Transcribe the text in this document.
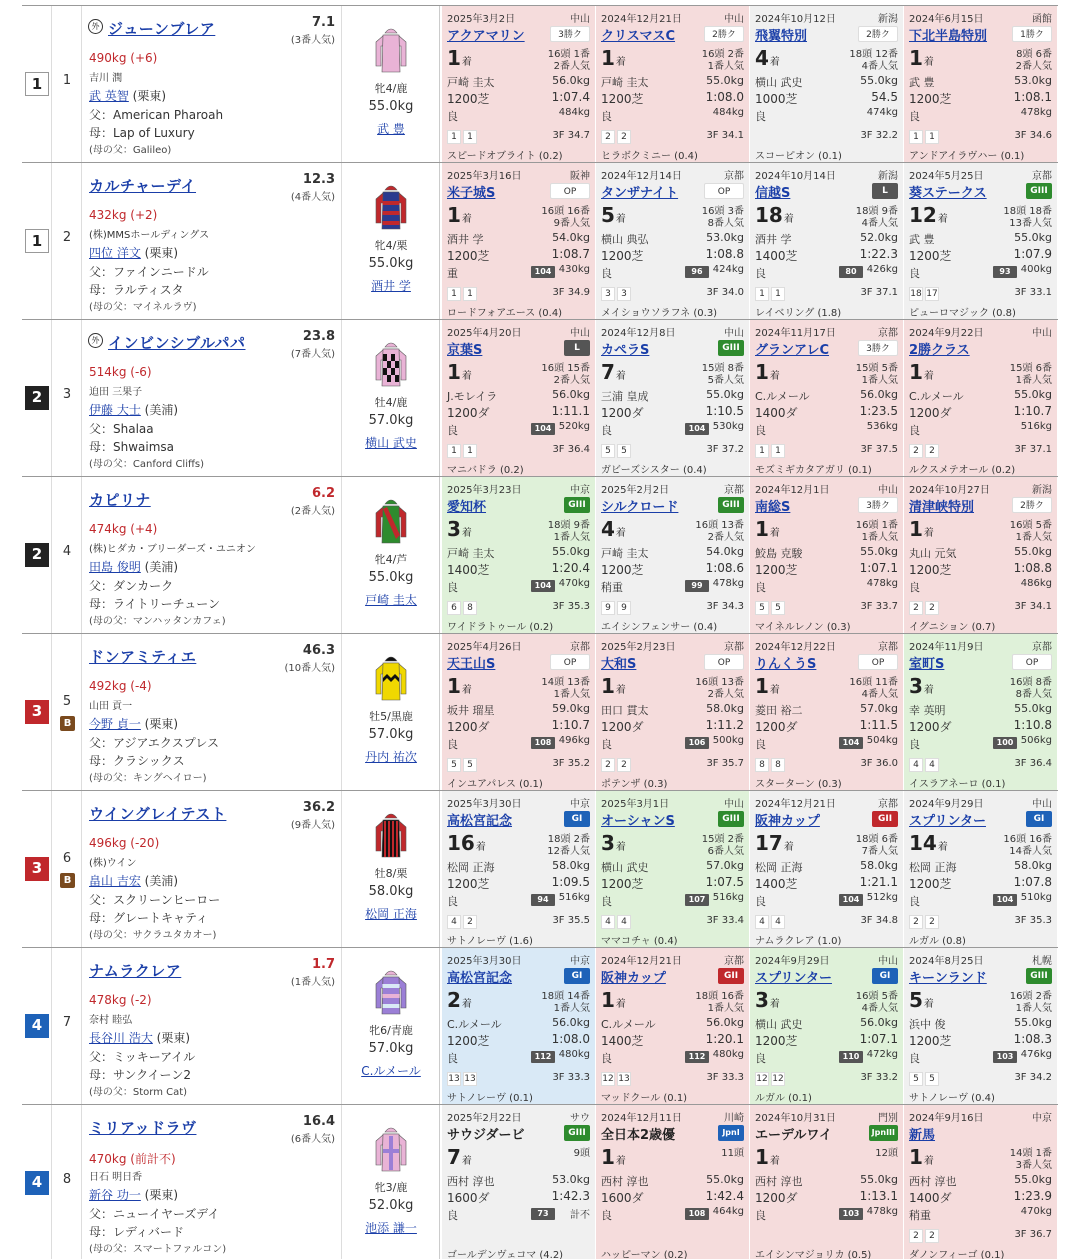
1	1
外 ジューンブレア	7.1
(3番人気)
490kg (+6)
吉川 潤
武 英智 (栗東)
父：American Pharoah
母：Lap of Luxury
(母の父：Galileo)
牝4/鹿
55.0kg
武 豊
2025年3月2日	中山
アクアマリン	3勝ク
1着
16頭 1番
2番人気
戸崎 圭太	56.0kg
1200芝	1:07.4
良	484kg
1 1	3F 34.7
スピードオブライト (0.2)
2024年12月21日	中山
クリスマスC	2勝ク
1着
16頭 2番
1番人気
戸崎 圭太	55.0kg
1200芝	1:08.0
良	484kg
2 2	3F 34.1
ヒラボクミニー (0.4)
2024年10月12日	新潟
飛翼特別	2勝ク
4着
18頭 12番
4番人気
横山 武史	55.0kg
1000芝	54.5
良	474kg
3F 32.2
スコーピオン (0.1)
2024年6月15日	函館
下北半島特別	1勝ク
1着
8頭 6番
2番人気
武 豊	53.0kg
1200芝	1:08.1
良	478kg
1 1	3F 34.6
アンドアイラヴハー (0.1)
1	2
カルチャーデイ	12.3
(4番人気)
432kg (+2)
(株)MMSホールディングス
四位 洋文 (栗東)
父：ファインニードル
母：ラルティスタ
(母の父：マイネルラヴ)
牝4/栗
55.0kg
酒井 学
2025年3月16日	阪神
米子城S	OP
1着
16頭 16番
9番人気
酒井 学	54.0kg
1200芝	1:08.7
重	104 430kg
1 1	3F 34.9
ロードフォアエース (0.4)
2024年12月14日	京都
タンザナイト	OP
5着
16頭 3番
8番人気
横山 典弘	53.0kg
1200芝	1:08.8
良	96	424kg
3 3	3F 34.0
メイショウソラフネ (0.3)
2024年10月14日	新潟
信越S	L
18着
18頭 9番
4番人気
酒井 学	52.0kg
1400芝	1:22.3
良	80	426kg
1 1	3F 37.1
レイベリング (1.8)
2024年5月25日	京都
葵ステークス	GIII
12着
18頭 18番
13番人気
武 豊	55.0kg
1200芝	1:07.9
良	93	400kg
18 17	3F 33.1
ピューロマジック (0.8)
2	3
外 インビンシブルパパ	23.8
(7番人気)
514kg (-6)
迫田 三果子
伊藤 大士 (美浦)
父：Shalaa
母：Shwaimsa
(母の父：Canford Cliffs)
牡4/鹿
57.0kg
横山 武史
2025年4月20日	中山
京葉S	L
1着
16頭 15番
2番人気
J.モレイラ	56.0kg
1200ダ	1:11.1
良	104 520kg
1 1	3F 36.4
マニバドラ (0.2)
2024年12月8日	中山
カペラS	GIII
7着
15頭 8番
5番人気
三浦 皇成	55.0kg
1200ダ	1:10.5
良	104 530kg
5 5	3F 37.2
ガビーズシスター (0.4)
2024年11月17日	京都
グランアレC	3勝ク
1着
15頭 5番
1番人気
C.ルメール	56.0kg
1400ダ	1:23.5
良	536kg
1 1	3F 37.5
モズミギカタアガリ (0.1)
2024年9月22日	中山
2勝クラス
1着
15頭 6番
1番人気
C.ルメール	55.0kg
1200ダ	1:10.7
良	516kg
2 2	3F 37.1
ルクスメテオール (0.2)
2	4
カピリナ	6.2
(2番人気)
474kg (+4)
(株)ヒダカ・ブリーダーズ・ユニオン
田島 俊明 (美浦)
父：ダンカーク
母：ライトリーチューン
(母の父：マンハッタンカフェ)
牝4/芦
55.0kg
戸崎 圭太
2025年3月23日	中京
愛知杯	GIII
3着
18頭 9番
1番人気
戸崎 圭太	55.0kg
1400芝	1:20.4
良	104 470kg
6 8	3F 35.3
ワイドラトゥール (0.2)
2025年2月2日	京都
シルクロード	GIII
4着
16頭 13番
2番人気
戸崎 圭太	54.0kg
1200芝	1:08.6
稍重	99	478kg
9 9	3F 34.3
エイシンフェンサー (0.4)
2024年12月1日	中山
南総S	3勝ク
1着
16頭 1番
1番人気
鮫島 克駿	55.0kg
1200芝	1:07.1
良	478kg
5 5	3F 33.7
マイネルレノン (0.3)
2024年10月27日	新潟
清津峡特別	2勝ク
1着
16頭 5番
1番人気
丸山 元気	55.0kg
1200芝	1:08.8
良	486kg
2 2	3F 34.1
イグニション (0.7)
3
5
B
ドンアミティエ	46.3
(10番人気)
492kg (-4)
山田 貢一
今野 貞一 (栗東)
父：アジアエクスプレス
母：クラシックス
(母の父：キングヘイロー)
牡5/黒鹿
57.0kg
丹内 祐次
2025年4月26日	京都
天王山S	OP
1着
14頭 13番
1番人気
坂井 瑠星	59.0kg
1200ダ	1:10.7
良	108 496kg
5 5	3F 35.2
インユアパレス (0.1)
2025年2月23日	京都
大和S	OP
1着
16頭 13番
2番人気
田口 貫太	58.0kg
1200ダ	1:11.2
良	106 500kg
2 2	3F 35.7
ポテンザ (0.3)
2024年12月22日	京都
りんくうS	OP
1着
16頭 11番
4番人気
菱田 裕二	57.0kg
1200ダ	1:11.5
良	104 504kg
8 8	3F 36.0
スターターン (0.3)
2024年11月9日	京都
室町S	OP
3着
16頭 8番
8番人気
幸 英明	55.0kg
1200ダ	1:10.8
良	100 506kg
4 4	3F 36.4
イスラアネーロ (0.1)
3
6
B
ウイングレイテスト	36.2
(9番人気)
496kg (-20)
(株)ウイン
畠山 吉宏 (美浦)
父：スクリーンヒーロー
母：グレートキャティ
(母の父：サクラユタカオー)
牡8/栗
58.0kg
松岡 正海
2025年3月30日	中京
高松宮記念	GI
16着
18頭 2番
12番人気
松岡 正海	58.0kg
1200芝	1:09.5
良	94	516kg
4 2	3F 35.5
サトノレーヴ (1.6)
2025年3月1日	中山
オーシャンS	GIII
3着
15頭 2番
6番人気
横山 武史	57.0kg
1200芝	1:07.5
良	107 516kg
4 4	3F 33.4
ママコチャ (0.4)
2024年12月21日	京都
阪神カップ	GII
17着
18頭 6番
7番人気
松岡 正海	58.0kg
1400芝	1:21.1
良	104 512kg
4 4	3F 34.8
ナムラクレア (1.0)
2024年9月29日	中山
スプリンター	GI
14着
16頭 16番
14番人気
松岡 正海	58.0kg
1200芝	1:07.8
良	104 510kg
2 2	3F 35.3
ルガル (0.8)
4	7
ナムラクレア	1.7
(1番人気)
478kg (-2)
奈村 睦弘
長谷川 浩大 (栗東)
父：ミッキーアイル
母：サンクイーン2
(母の父：Storm Cat)
牝6/青鹿
57.0kg
C.ルメール
2025年3月30日	中京
高松宮記念	GI
2着
18頭 14番
1番人気
C.ルメール	56.0kg
1200芝	1:08.0
良	112 480kg
13 13	3F 33.3
サトノレーヴ (0.1)
2024年12月21日	京都
阪神カップ	GII
1着
18頭 16番
1番人気
C.ルメール	56.0kg
1400芝	1:20.1
良	112 480kg
12 13	3F 33.3
マッドクール (0.1)
2024年9月29日	中山
スプリンター	GI
3着
16頭 5番
4番人気
横山 武史	56.0kg
1200芝	1:07.1
良	110 472kg
12 12	3F 33.2
ルガル (0.1)
2024年8月25日	札幌
キーンランド	GIII
5着
16頭 2番
1番人気
浜中 俊	55.0kg
1200芝	1:08.3
良	103 476kg
5 5	3F 34.2
サトノレーヴ (0.4)
4	8
ミリアッドラヴ	16.4
(6番人気)
470kg (前計不)
日石 明日香
新谷 功一 (栗東)
父：ニューイヤーズデイ
母：レディバード
(母の父：スマートファルコン)
牝3/鹿
52.0kg
池添 謙一
2025年2月22日	サウ
サウジダービ	GIII
7着
9頭
西村 淳也	53.0kg
1600ダ	1:42.3
良	73	計不
ゴールデンヴェコマ (4.2)
2024年12月11日	川崎
全日本2歳優	JpnI
1着
11頭
西村 淳也	55.0kg
1600ダ	1:42.4
良	108 464kg
ハッピーマン (0.2)
2024年10月31日	門別
エーデルワイ	JpnIII
1着
12頭
西村 淳也	55.0kg
1200ダ	1:13.1
良	103 478kg
エイシンマジョリカ (0.5)
2024年9月16日	中京
新馬
1着
14頭 1番
3番人気
西村 淳也	55.0kg
1400ダ	1:23.9
稍重	470kg
2 2	3F 36.7
ダノンフィーゴ (0.1)
